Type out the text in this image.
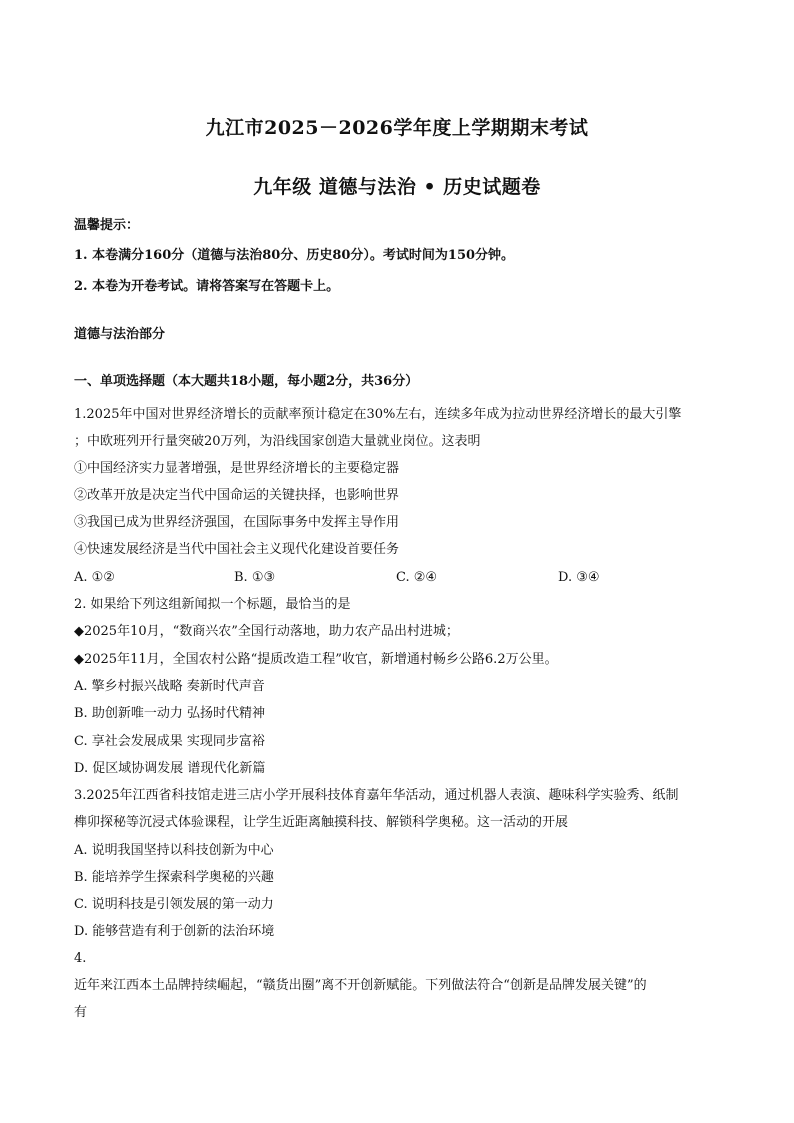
九江市2025－2026学年度上学期期末考试
九年级 道德与法治 • 历史试题卷
温馨提示：
1. 本卷满分160分（道德与法治80分、历史80分）。考试时间为150分钟。
2. 本卷为开卷考试。请将答案写在答题卡上。
道德与法治部分
一、单项选择题（本大题共18小题，每小题2分，共36分）
1.2025年中国对世界经济增长的贡献率预计稳定在30%左右，连续多年成为拉动世界经济增长的最大引擎
；中欧班列开行量突破20万列，为沿线国家创造大量就业岗位。这表明
①中国经济实力显著增强，是世界经济增长的主要稳定器
②改革开放是决定当代中国命运的关键抉择，也影响世界
③我国已成为世界经济强国，在国际事务中发挥主导作用
④快速发展经济是当代中国社会主义现代化建设首要任务
A. ①②	B. ①③	C. ②④	D. ③④
2. 如果给下列这组新闻拟一个标题，最恰当的是
◆2025年10月，“数商兴农”全国行动落地，助力农产品出村进城；
◆2025年11月，全国农村公路“提质改造工程”收官，新增通村畅乡公路6.2万公里。
A. 擎乡村振兴战略 奏新时代声音
B. 助创新唯一动力 弘扬时代精神
C. 享社会发展成果 实现同步富裕
D. 促区域协调发展 谱现代化新篇
3.2025年江西省科技馆走进三店小学开展科技体育嘉年华活动，通过机器人表演、趣味科学实验秀、纸制
榫卯探秘等沉浸式体验课程，让学生近距离触摸科技、解锁科学奥秘。这一活动的开展
A. 说明我国坚持以科技创新为中心
B. 能培养学生探索科学奥秘的兴趣
C. 说明科技是引领发展的第一动力
D. 能够营造有利于创新的法治环境
4.
近年来江西本土品牌持续崛起，“赣货出圈”离不开创新赋能。下列做法符合“创新是品牌发展关键”的
有
